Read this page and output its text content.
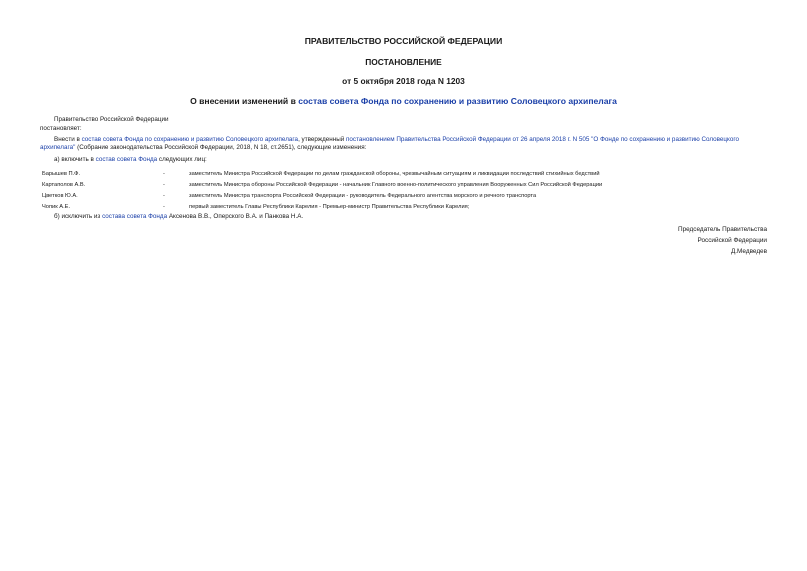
ПРАВИТЕЛЬСТВО РОССИЙСКОЙ ФЕДЕРАЦИИ
ПОСТАНОВЛЕНИЕ
от 5 октября 2018 года N 1203
О внесении изменений в состав совета Фонда по сохранению и развитию Соловецкого архипелага
Правительство Российской Федерации
постановляет:
Внести в состав совета Фонда по сохранению и развитию Соловецкого архипелага, утвержденный постановлением Правительства Российской Федерации от 26 апреля 2018 г. N 505 "О Фонде по сохранению и развитию Соловецкого архипелага" (Собрание законодательства Российской Федерации, 2018, N 18, ст.2651), следующие изменения:
а) включить в состав совета Фонда следующих лиц:
Барышев П.Ф.	-	заместитель Министра Российской Федерации по делам гражданской обороны, чрезвычайным ситуациям и ликвидации последствий стихийных бедствий
Картаполов А.В.	-	заместитель Министра обороны Российской Федерации - начальник Главного военно-политического управления Вооруженных Сил Российской Федерации
Цветков Ю.А.	-	заместитель Министра транспорта Российской Федерации - руководитель Федерального агентства морского и речного транспорта
Чопик А.Е.	-	первый заместитель Главы Республики Карелия - Премьер-министр Правительства Республики Карелия;
б) исключить из состава совета Фонда Аксенова В.В., Оперского В.А. и Панкова Н.А.
Председатель Правительства
Российской Федерации
Д.Медведев
